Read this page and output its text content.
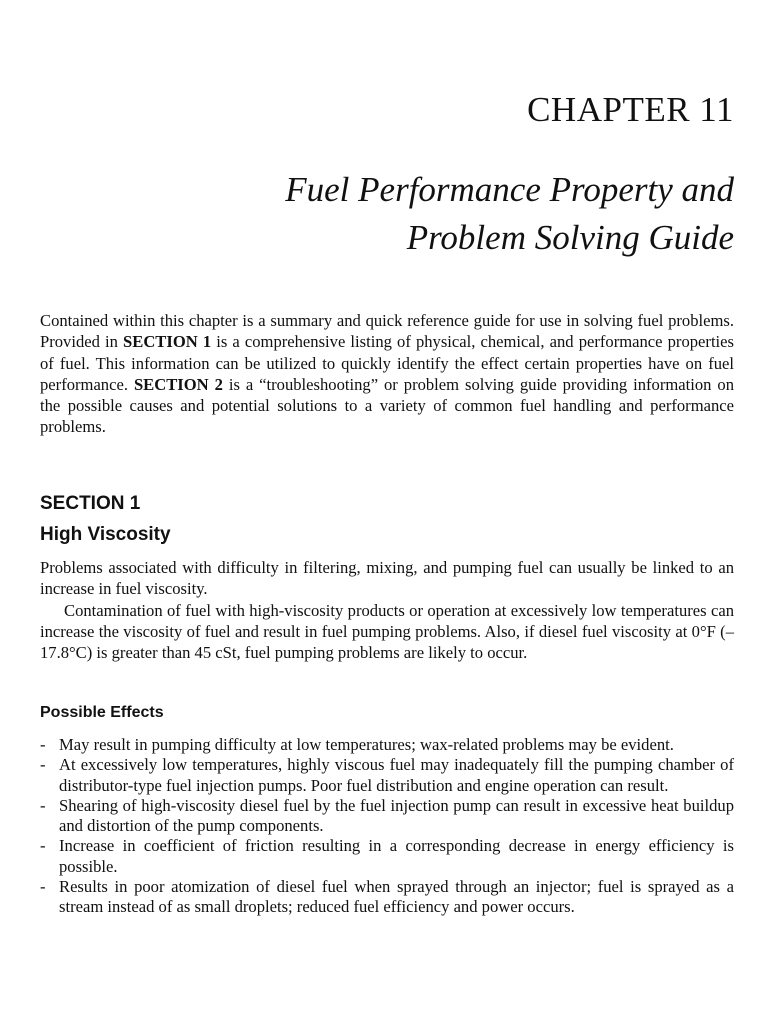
CHAPTER 11
Fuel Performance Property and
Problem Solving Guide

Contained within this chapter is a summary and quick reference guide for use in solving fuel problems. Provided in SECTION 1 is a comprehensive listing of physical, chemical, and performance properties of fuel. This information can be utilized to quickly identify the effect certain properties have on fuel performance. SECTION 2 is a “troubleshooting” or problem solving guide providing information on the possible causes and potential solutions to a variety of common fuel handling and performance problems.

SECTION 1
High Viscosity

Problems associated with difficulty in filtering, mixing, and pumping fuel can usually be linked to an increase in fuel viscosity.

Contamination of fuel with high-viscosity products or operation at excessively low temperatures can increase the viscosity of fuel and result in fuel pumping problems. Also, if diesel fuel viscosity at 0°F (–17.8°C) is greater than 45 cSt, fuel pumping problems are likely to occur.

Possible Effects
- May result in pumping difficulty at low temperatures; wax-related problems may be evident.
- At excessively low temperatures, highly viscous fuel may inadequately fill the pumping chamber of distributor-type fuel injection pumps. Poor fuel distribution and engine operation can result.
- Shearing of high-viscosity diesel fuel by the fuel injection pump can result in excessive heat buildup and distortion of the pump components.
- Increase in coefficient of friction resulting in a corresponding decrease in energy efficiency is possible.
- Results in poor atomization of diesel fuel when sprayed through an injector; fuel is sprayed as a stream instead of as small droplets; reduced fuel efficiency and power occurs.
